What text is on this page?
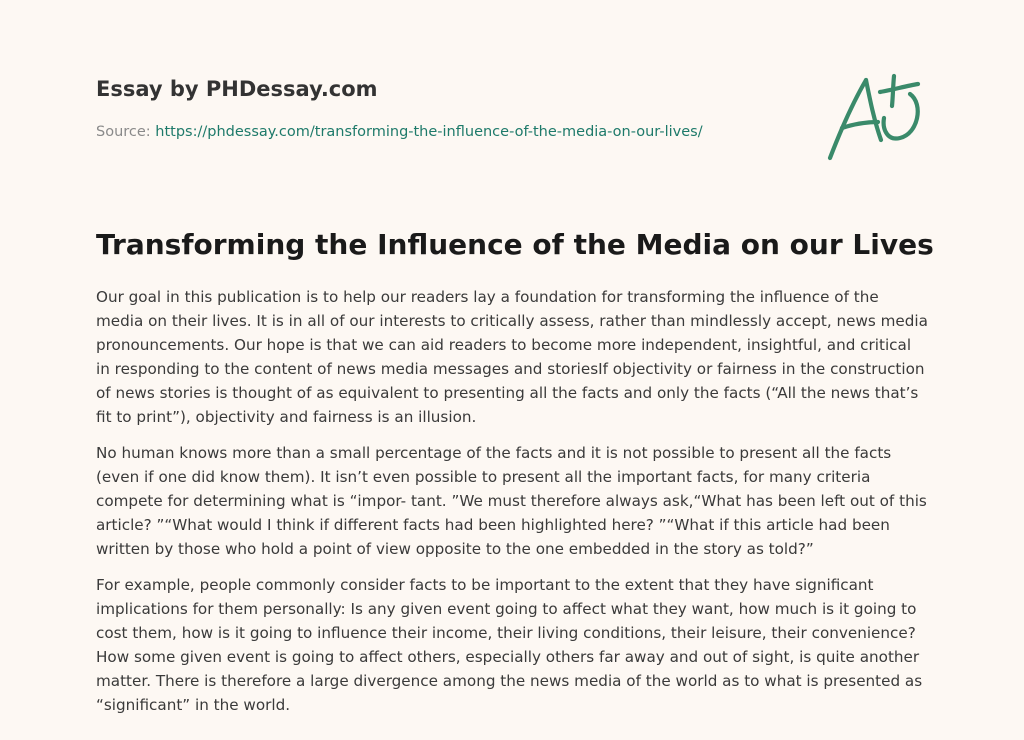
Essay by PHDessay.com
Source: https://phdessay.com/transforming-the-influence-of-the-media-on-our-lives/
Transforming the Influence of the Media on our Lives

Our goal in this publication is to help our readers lay a foundation for transforming the influence of the media on their lives. It is in all of our interests to critically assess, rather than mindlessly accept, news media pronouncements. Our hope is that we can aid readers to become more independent, insightful, and critical in responding to the content of news media messages and storiesIf objectivity or fairness in the construction of news stories is thought of as equivalent to presenting all the facts and only the facts (“All the news that’s fit to print”), objectivity and fairness is an illusion.

No human knows more than a small percentage of the facts and it is not possible to present all the facts (even if one did know them). It isn’t even possible to present all the important facts, for many criteria compete for determining what is “impor- tant. ”We must therefore always ask,“What has been left out of this article? ”“What would I think if different facts had been highlighted here? ”“What if this article had been written by those who hold a point of view opposite to the one embedded in the story as told?”

For example, people commonly consider facts to be important to the extent that they have significant implications for them personally: Is any given event going to affect what they want, how much is it going to cost them, how is it going to influence their income, their living conditions, their leisure, their convenience? How some given event is going to affect others, especially others far away and out of sight, is quite another matter. There is therefore a large divergence among the news media of the world as to what is presented as “significant” in the world.
